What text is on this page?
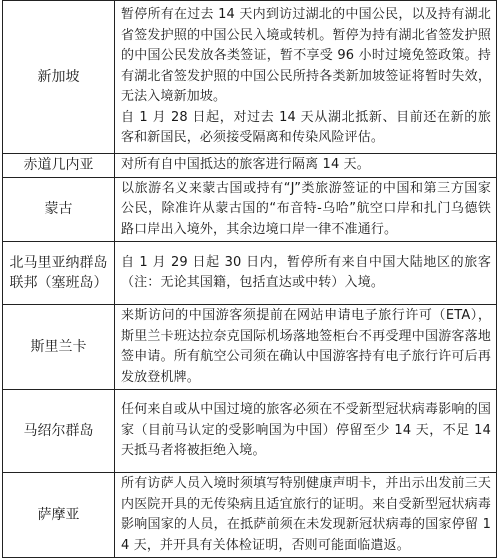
新加坡	暂停所有在过去 14 天内到访过湖北的中国公民，以及持有湖北省签发护照的中国公民入境或转机。暂停为持有湖北省签发护照的中国公民发放各类签证，暂不享受 96 小时过境免签政策。持有湖北省签发护照的中国公民所持各类新加坡签证将暂时失效，无法入境新加坡。

自 1 月 28 日起，对过去 14 天从湖北抵新、目前还在新的旅客和新国民，必须接受隔离和传染风险评估。

赤道几内亚	对所有自中国抵达的旅客进行隔离 14 天。

蒙古	以旅游名义来蒙古国或持有“J”类旅游签证的中国和第三方国家公民，除准许从蒙古国的“布音特-乌哈”航空口岸和扎门乌德铁路口岸出入境外，其余边境口岸一律不准通行。

北马里亚纳群岛联邦（塞班岛）	自 1 月 29 日起 30 日内，暂停所有来自中国大陆地区的旅客（注：无论其国籍，包括直达或中转）入境。

斯里兰卡	来斯访问的中国游客须提前在网站申请电子旅行许可（ETA），斯里兰卡班达拉奈克国际机场落地签柜台不再受理中国游客落地签申请。所有航空公司须在确认中国游客持有电子旅行许可后再发放登机牌。

马绍尔群岛	任何来自或从中国过境的旅客必须在不受新型冠状病毒影响的国家（目前马认定的受影响国为中国）停留至少 14 天，不足 14 天抵马者将被拒绝入境。

萨摩亚	所有访萨人员入境时须填写特别健康声明卡，并出示出发前三天内医院开具的无传染病且适宜旅行的证明。来自受新型冠状病毒影响国家的人员，在抵萨前须在未发现新冠状病毒的国家停留 14 天，并开具有关体检证明，否则可能面临遣返。
